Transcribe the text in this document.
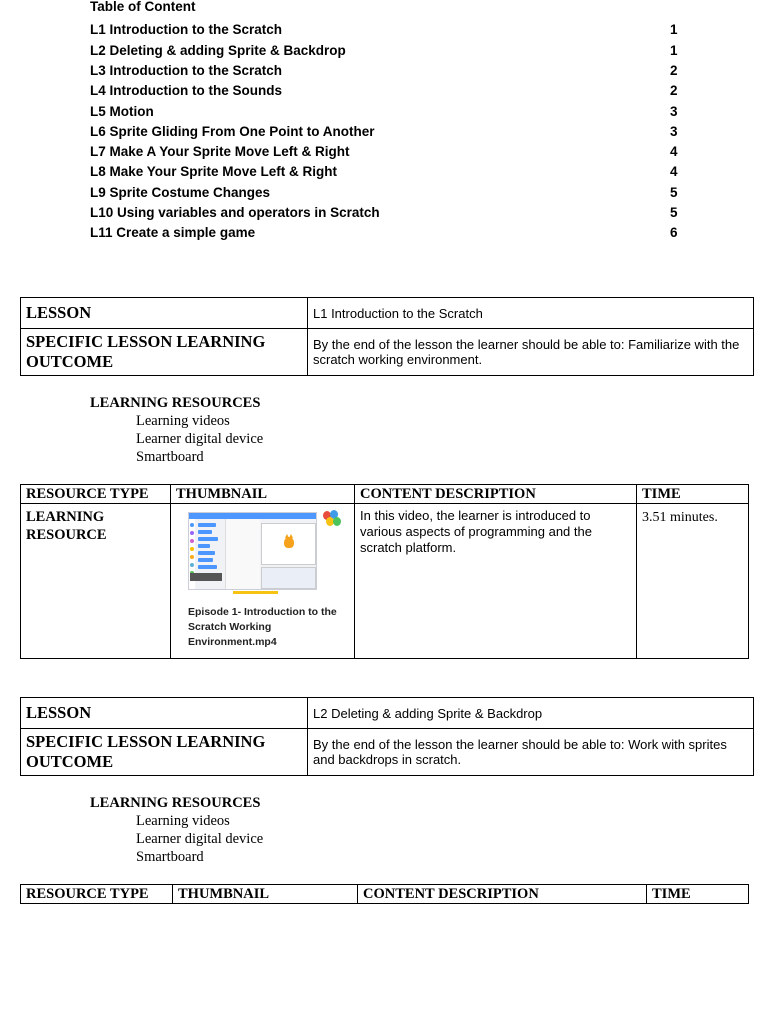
Table of Content
L1 Introduction to the Scratch	1
L2 Deleting & adding Sprite & Backdrop	1
L3 Introduction to the Scratch	2
L4 Introduction to the Sounds	2
L5 Motion	3
L6 Sprite Gliding From One Point to Another	3
L7 Make A Your Sprite Move Left & Right	4
L8 Make Your Sprite Move Left & Right	4
L9 Sprite Costume Changes	5
L10 Using variables and operators in Scratch	5
L11 Create a simple game	6
LESSON	L1 Introduction to the Scratch

SPECIFIC LESSON LEARNING
OUTCOME	By the end of the lesson the learner should be able to: Familiarize with the scratch working environment.
LEARNING RESOURCES
Learning videos
Learner digital device
Smartboard
RESOURCE TYPE	THUMBNAIL	CONTENT DESCRIPTION	TIME

LEARNING
RESOURCE	Episode 1- Introduction to the Scratch Working Environment.mp4	In this video, the learner is introduced to various aspects of programming and the scratch platform.	3.51 minutes.
LESSON	L2 Deleting & adding Sprite & Backdrop

SPECIFIC LESSON LEARNING
OUTCOME	By the end of the lesson the learner should be able to: Work with sprites and backdrops in scratch.
LEARNING RESOURCES
Learning videos
Learner digital device
Smartboard
RESOURCE TYPE	THUMBNAIL	CONTENT DESCRIPTION	TIME
